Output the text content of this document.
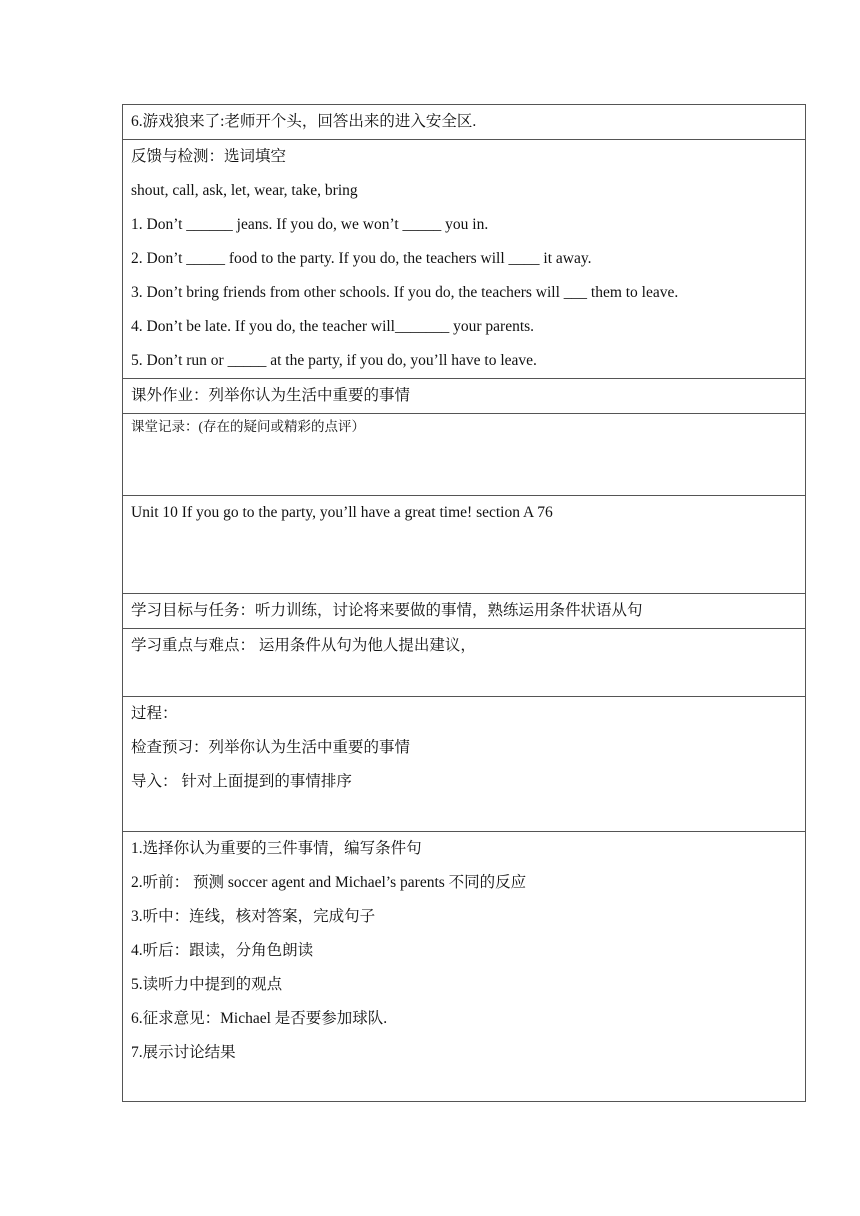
6.游戏狼来了:老师开个头，回答出来的进入安全区.

反馈与检测：选词填空
shout, call, ask, let, wear, take, bring
1. Don’t ______ jeans. If you do, we won’t _____ you in.
2. Don’t _____ food to the party. If you do, the teachers will ____ it away.
3. Don’t bring friends from other schools. If you do, the teachers will ___ them to leave.
4. Don’t be late. If you do, the teacher will_______ your parents.
5. Don’t run or _____ at the party, if you do, you’ll have to leave.

课外作业：列举你认为生活中重要的事情

课堂记录：(存在的疑问或精彩的点评）

Unit 10 If you go to the party, you’ll have a great time! section A 76

学习目标与任务：听力训练，讨论将来要做的事情，熟练运用条件状语从句

学习重点与难点： 运用条件从句为他人提出建议，

过程：
检查预习：列举你认为生活中重要的事情
导入： 针对上面提到的事情排序

1.选择你认为重要的三件事情，编写条件句
2.听前： 预测 soccer agent and Michael’s parents 不同的反应
3.听中：连线，核对答案，完成句子
4.听后：跟读，分角色朗读
5.读听力中提到的观点
6.征求意见：Michael 是否要参加球队.
7.展示讨论结果
